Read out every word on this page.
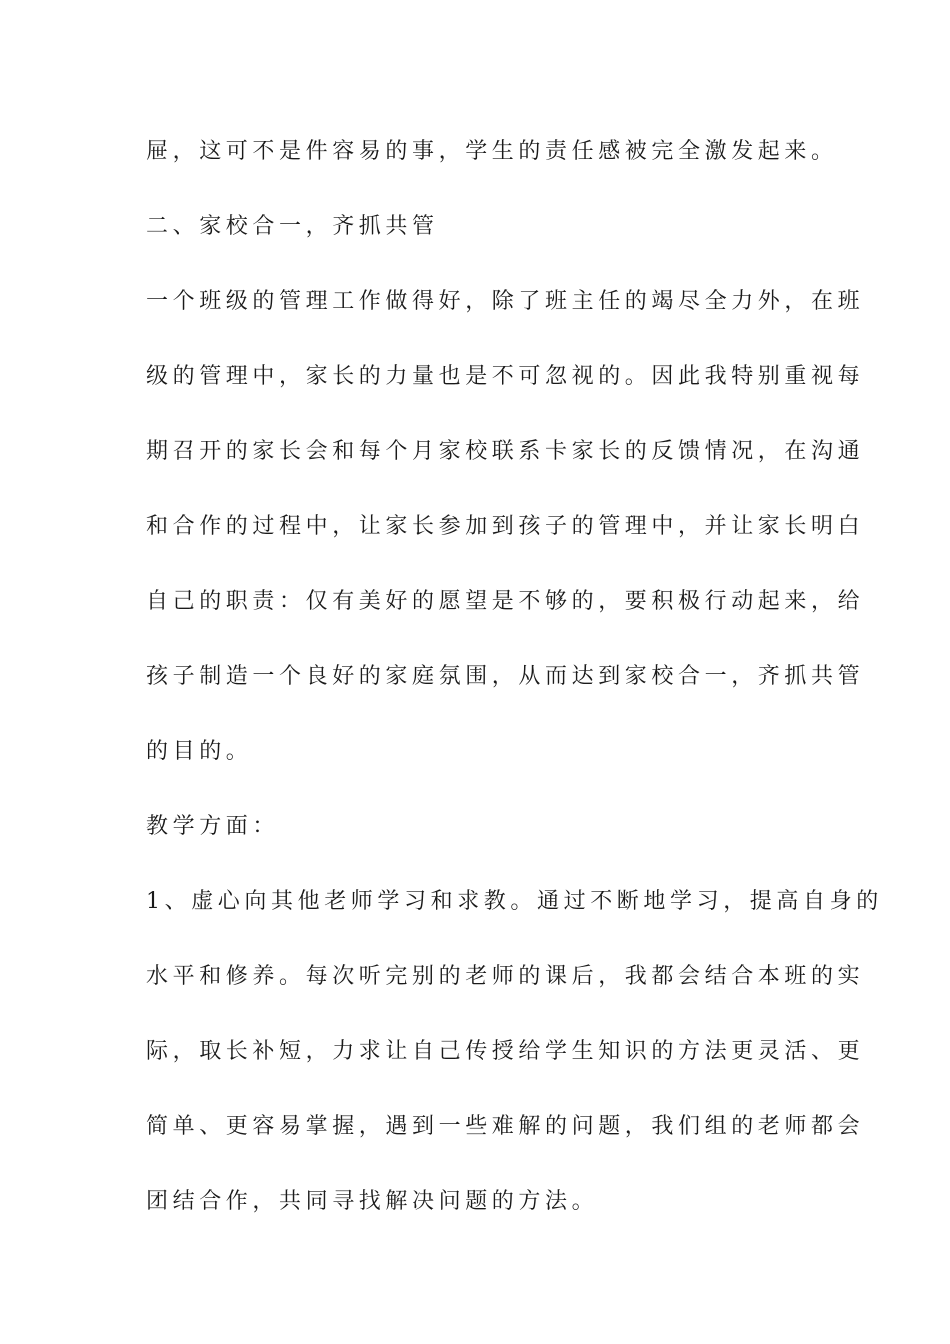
屉，这可不是件容易的事，学生的责任感被完全激发起来。
二、家校合一，齐抓共管
一个班级的管理工作做得好，除了班主任的竭尽全力外，在班
级的管理中，家长的力量也是不可忽视的。因此我特别重视每
期召开的家长会和每个月家校联系卡家长的反馈情况，在沟通
和合作的过程中，让家长参加到孩子的管理中，并让家长明白
自己的职责：仅有美好的愿望是不够的，要积极行动起来，给
孩子制造一个良好的家庭氛围，从而达到家校合一，齐抓共管
的目的。
教学方面：
1、虚心向其他老师学习和求教。通过不断地学习，提高自身的
水平和修养。每次听完别的老师的课后，我都会结合本班的实
际，取长补短，力求让自己传授给学生知识的方法更灵活、更
简单、更容易掌握，遇到一些难解的问题，我们组的老师都会
团结合作，共同寻找解决问题的方法。
